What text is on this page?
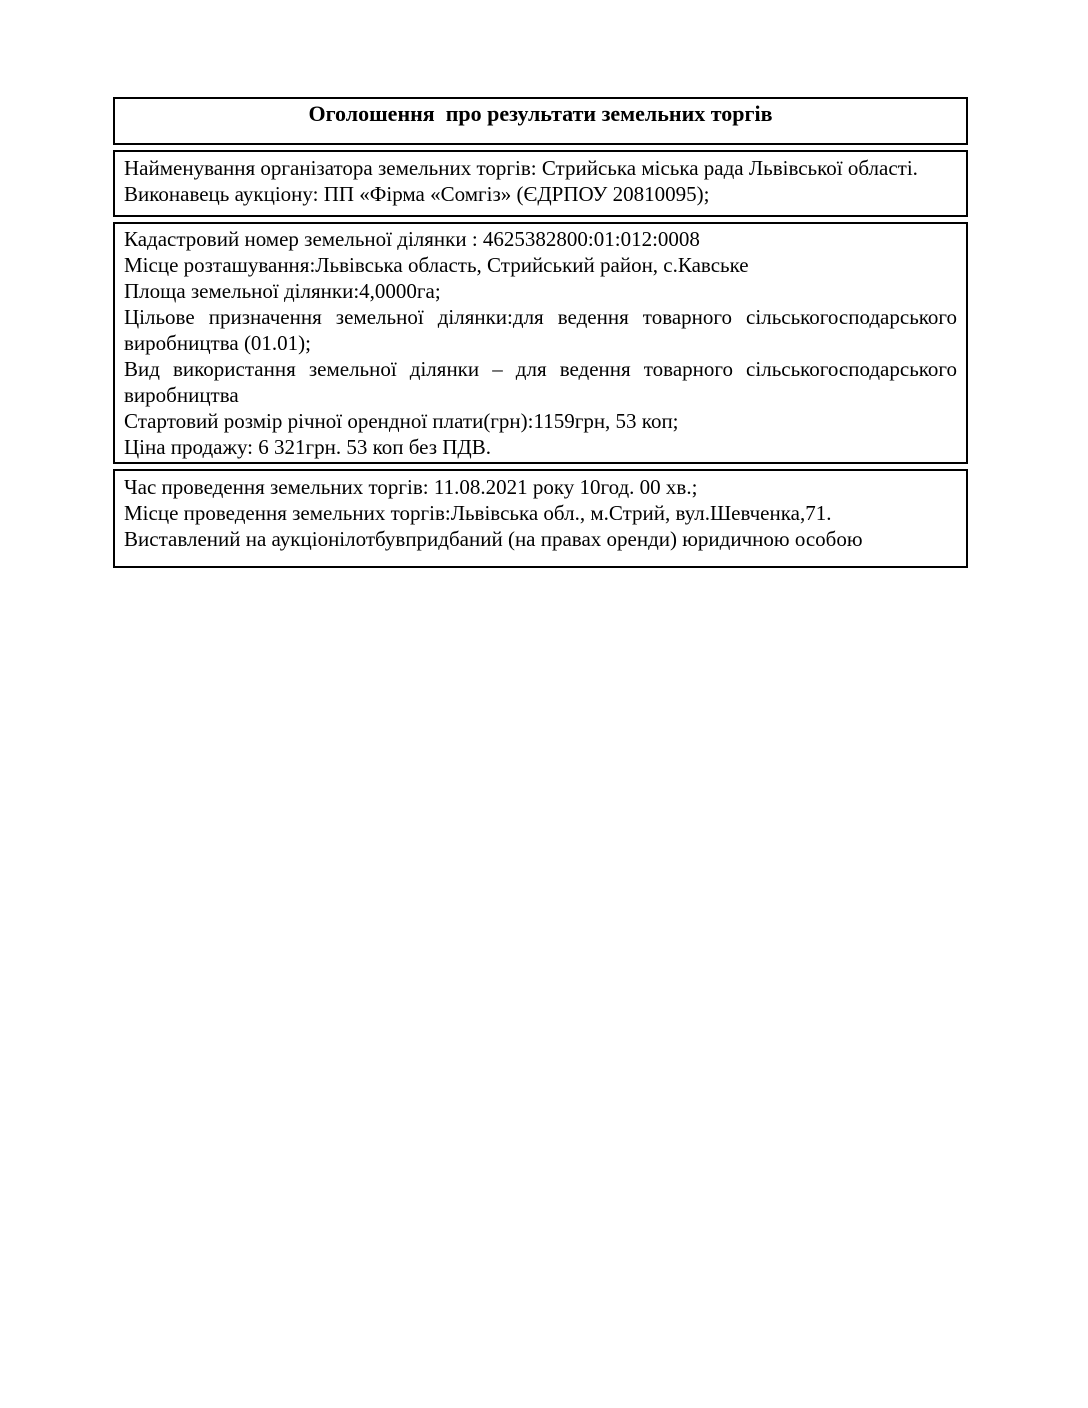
Оголошення  про результати земельних торгів
Найменування організатора земельних торгів: Стрийська міська рада Львівської області.
Виконавець аукціону: ПП «Фірма «Сомгіз» (ЄДРПОУ 20810095);
Кадастровий номер земельної ділянки : 4625382800:01:012:0008
Місце розташування:Львівська область, Стрийський район, с.Кавське
Площа земельної ділянки:4,0000га;
Цільове призначення земельної ділянки:для ведення товарного сільськогосподарського
виробництва (01.01);
Вид використання земельної ділянки – для ведення товарного сільськогосподарського
виробництва
Стартовий розмір річної орендної плати(грн):1159грн, 53 коп;
Ціна продажу: 6 321грн. 53 коп без ПДВ.
Час проведення земельних торгів: 11.08.2021 року 10год. 00 хв.;
Місце проведення земельних торгів:Львівська обл., м.Стрий, вул.Шевченка,71.
Виставлений на аукціонілотбувпридбаний (на правах оренди) юридичною особою
